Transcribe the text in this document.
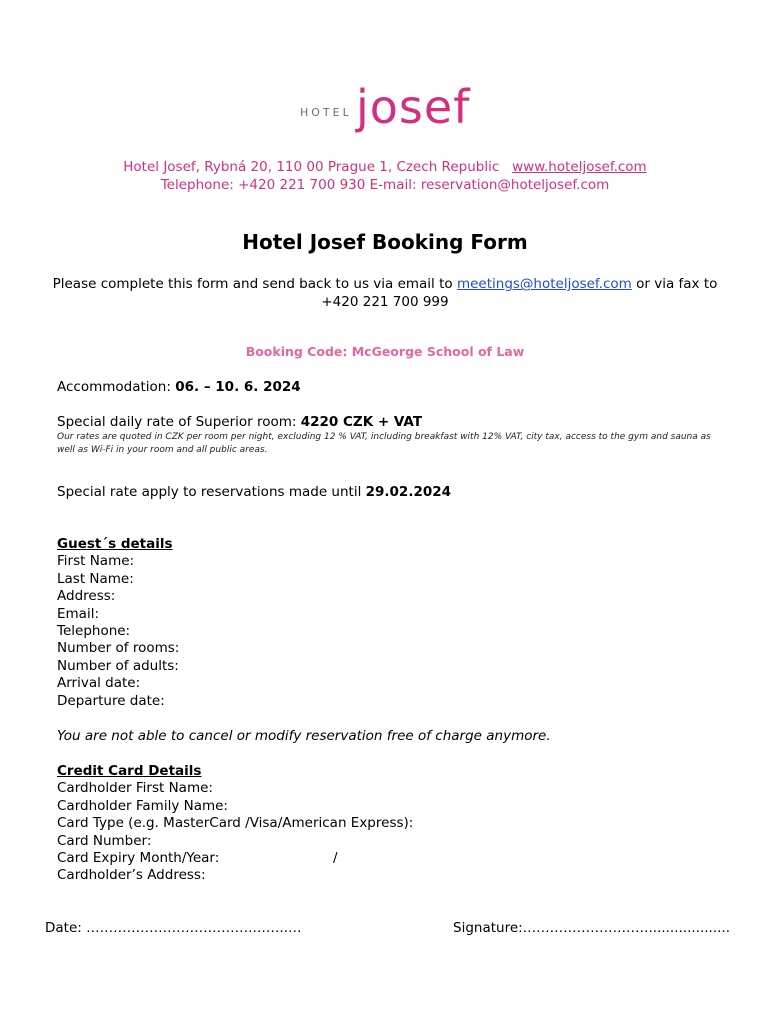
HOTEL josef
Hotel Josef, Rybná 20, 110 00 Prague 1, Czech Republic www.hoteljosef.com
Telephone: +420 221 700 930 E-mail: reservation@hoteljosef.com
Hotel Josef Booking Form
Please complete this form and send back to us via email to meetings@hoteljosef.com or via fax to
+420 221 700 999
Booking Code: McGeorge School of Law
Accommodation: 06. – 10. 6. 2024
Special daily rate of Superior room: 4220 CZK + VAT
Our rates are quoted in CZK per room per night, excluding 12 % VAT, including breakfast with 12% VAT, city tax, access to the gym and sauna as well as Wi-Fi in your room and all public areas.
Special rate apply to reservations made until 29.02.2024
Guest´s details
First Name:
Last Name:
Address:
Email:
Telephone:
Number of rooms:
Number of adults:
Arrival date:
Departure date:
You are not able to cancel or modify reservation free of charge anymore.
Credit Card Details
Cardholder First Name:
Cardholder Family Name:
Card Type (e.g. MasterCard /Visa/American Express):
Card Number:
Card Expiry Month/Year:	/
Cardholder’s Address:
Date: ……………………………….……..…	Signature:………………….……...................
